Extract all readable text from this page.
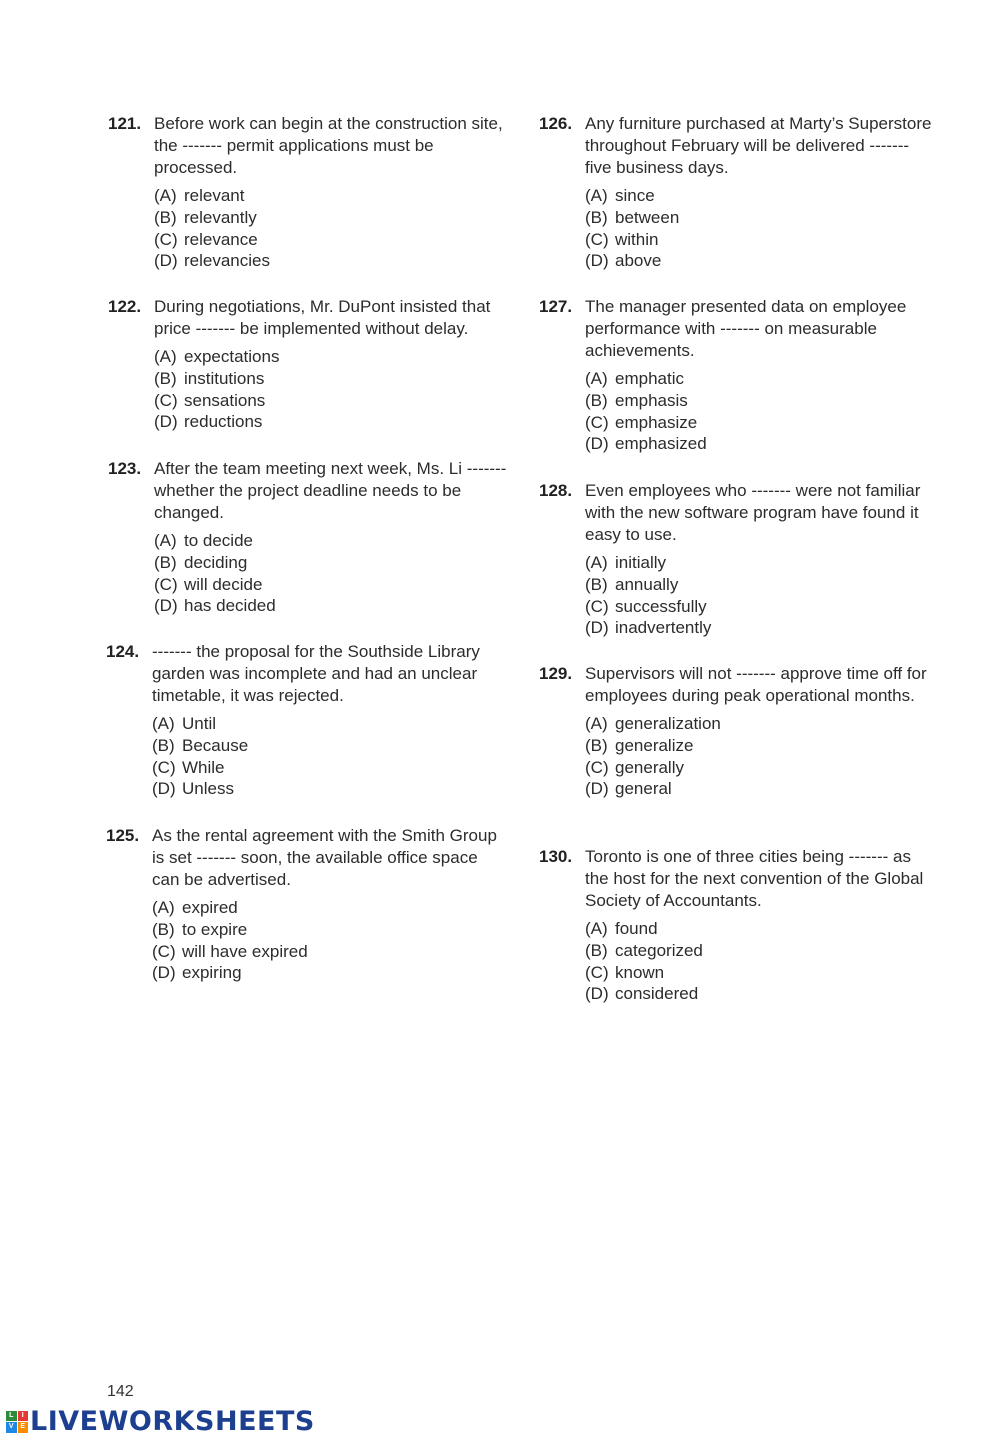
121. Before work can begin at the construction site, the ------- permit applications must be processed.
(A) relevant
(B) relevantly
(C) relevance
(D) relevancies
122. During negotiations, Mr. DuPont insisted that price ------- be implemented without delay.
(A) expectations
(B) institutions
(C) sensations
(D) reductions
123. After the team meeting next week, Ms. Li ------- whether the project deadline needs to be changed.
(A) to decide
(B) deciding
(C) will decide
(D) has decided
124. ------- the proposal for the Southside Library garden was incomplete and had an unclear timetable, it was rejected.
(A) Until
(B) Because
(C) While
(D) Unless
125. As the rental agreement with the Smith Group is set ------- soon, the available office space can be advertised.
(A) expired
(B) to expire
(C) will have expired
(D) expiring
126. Any furniture purchased at Marty’s Superstore throughout February will be delivered ------- five business days.
(A) since
(B) between
(C) within
(D) above
127. The manager presented data on employee performance with ------- on measurable achievements.
(A) emphatic
(B) emphasis
(C) emphasize
(D) emphasized
128. Even employees who ------- were not familiar with the new software program have found it easy to use.
(A) initially
(B) annually
(C) successfully
(D) inadvertently
129. Supervisors will not ------- approve time off for employees during peak operational months.
(A) generalization
(B) generalize
(C) generally
(D) general
130. Toronto is one of three cities being ------- as the host for the next convention of the Global Society of Accountants.
(A) found
(B) categorized
(C) known
(D) considered
142
L	I
V E LIVEWORKSHEETS
